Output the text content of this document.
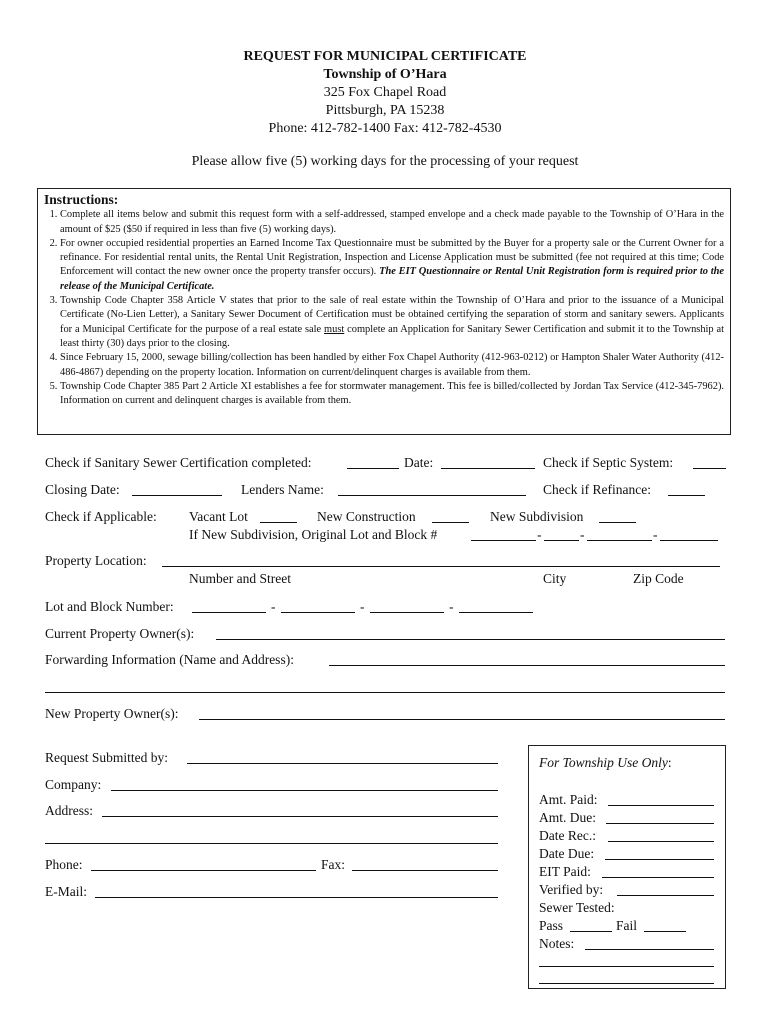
REQUEST FOR MUNICIPAL CERTIFICATE
Township of O’Hara
325 Fox Chapel Road
Pittsburgh, PA 15238
Phone: 412-782-1400 Fax: 412-782-4530
Please allow five (5) working days for the processing of your request
Instructions:
1. Complete all items below and submit this request form with a self-addressed, stamped envelope and a check made payable to the Township of O’Hara in the amount of $25 ($50 if required in less than five (5) working days).
2. For owner occupied residential properties an Earned Income Tax Questionnaire must be submitted by the Buyer for a property sale or the Current Owner for a refinance. For residential rental units, the Rental Unit Registration, Inspection and License Application must be submitted (fee not required at this time; Code Enforcement will contact the new owner once the property transfer occurs). The EIT Questionnaire or Rental Unit Registration form is required prior to the release of the Municipal Certificate.
3. Township Code Chapter 358 Article V states that prior to the sale of real estate within the Township of O’Hara and prior to the issuance of a Municipal Certificate (No-Lien Letter), a Sanitary Sewer Document of Certification must be obtained certifying the separation of storm and sanitary sewers. Applicants for a Municipal Certificate for the purpose of a real estate sale must complete an Application for Sanitary Sewer Certification and submit it to the Township at least thirty (30) days prior to the closing.
4. Since February 15, 2000, sewage billing/collection has been handled by either Fox Chapel Authority (412-963-0212) or Hampton Shaler Water Authority (412-486-4867) depending on the property location. Information on current/delinquent charges is available from them.
5. Township Code Chapter 385 Part 2 Article XI establishes a fee for stormwater management. This fee is billed/collected by Jordan Tax Service (412-345-7962). Information on current and delinquent charges is available from them.
Check if Sanitary Sewer Certification completed:	Date:	Check if Septic System:
Closing Date:	Lenders Name:	Check if Refinance:
Check if Applicable: Vacant Lot	New Construction	New Subdivision
If New Subdivision, Original Lot and Block #	-	-	-
Property Location:
Number and Street	City	Zip Code
Lot and Block Number:	-	-	-
Current Property Owner(s):
Forwarding Information (Name and Address):
New Property Owner(s):
Request Submitted by:
Company:
Address:
Phone:	Fax:
E-Mail:
For Township Use Only:
Amt. Paid:
Amt. Due:
Date Rec.:
Date Due:
EIT Paid:
Verified by:
Sewer Tested:
Pass	Fail
Notes:
